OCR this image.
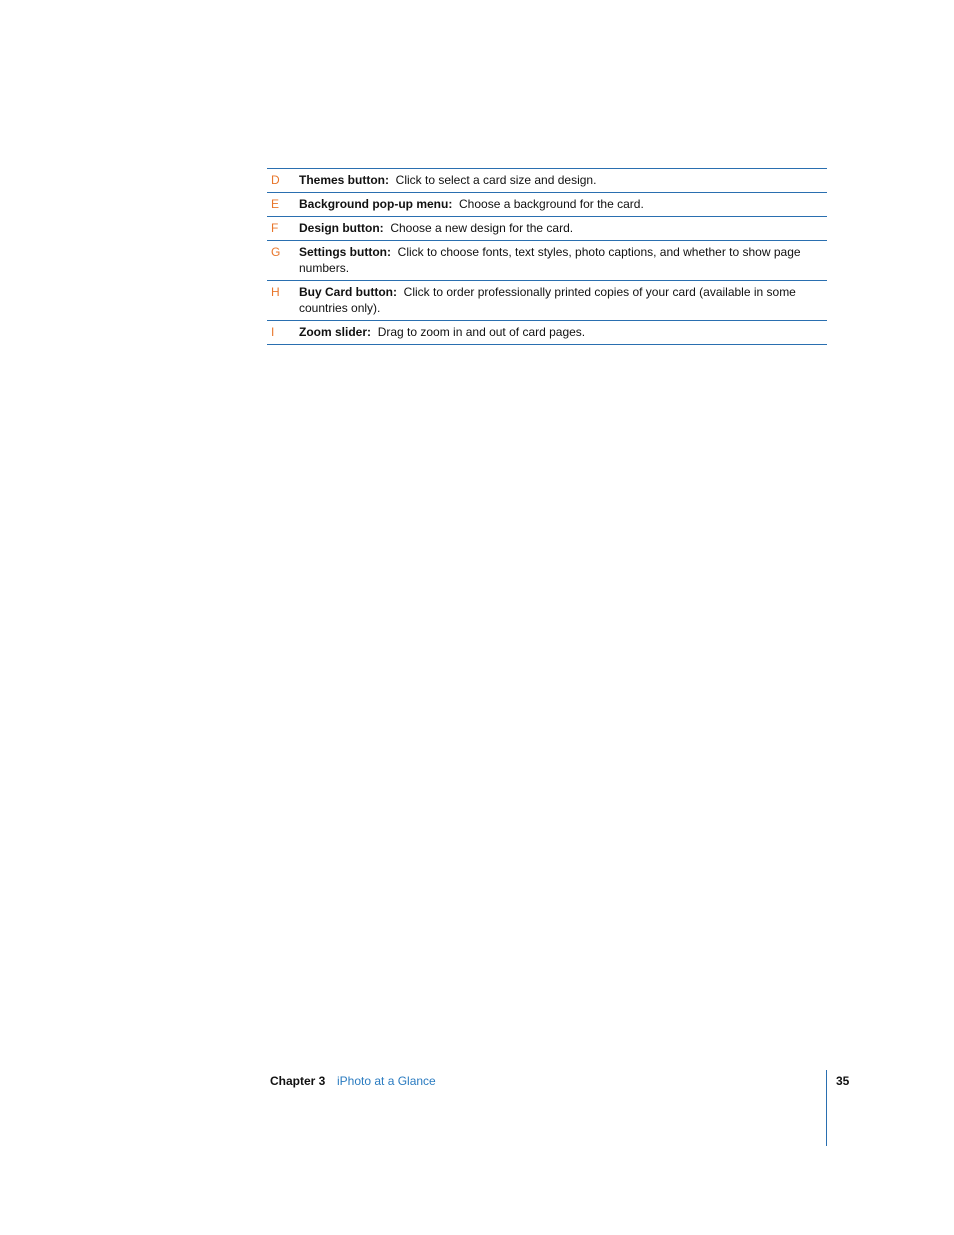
D	Themes button: Click to select a card size and design.
E	Background pop-up menu: Choose a background for the card.
F	Design button: Choose a new design for the card.
G	Settings button: Click to choose fonts, text styles, photo captions, and whether to show page numbers.
H	Buy Card button: Click to order professionally printed copies of your card (available in some countries only).
I	Zoom slider: Drag to zoom in and out of card pages.
Chapter 3 iPhoto at a Glance	35
